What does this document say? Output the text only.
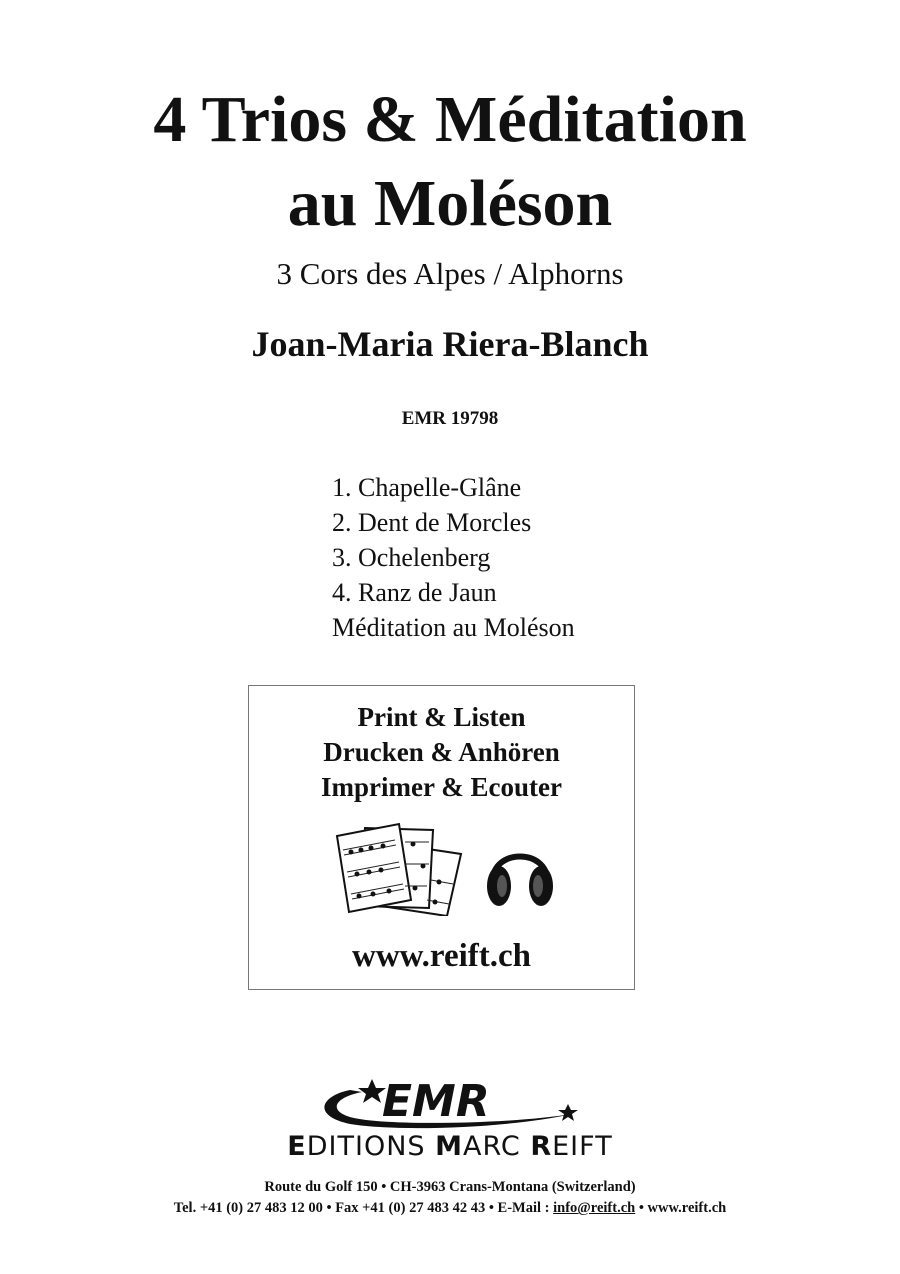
4 Trios & Méditation
au Moléson
3 Cors des Alpes / Alphorns
Joan-Maria Riera-Blanch
EMR 19798
1. Chapelle-Glâne
2. Dent de Morcles
3. Ochelenberg
4. Ranz de Jaun
Méditation au Moléson
Print & Listen
Drucken & Anhören
Imprimer & Ecouter
www.reift.ch
EMR
EDITIONS MARC REIFT
Route du Golf 150 • CH-3963 Crans-Montana (Switzerland)
Tel. +41 (0) 27 483 12 00 • Fax +41 (0) 27 483 42 43 • E-Mail : info@reift.ch • www.reift.ch
